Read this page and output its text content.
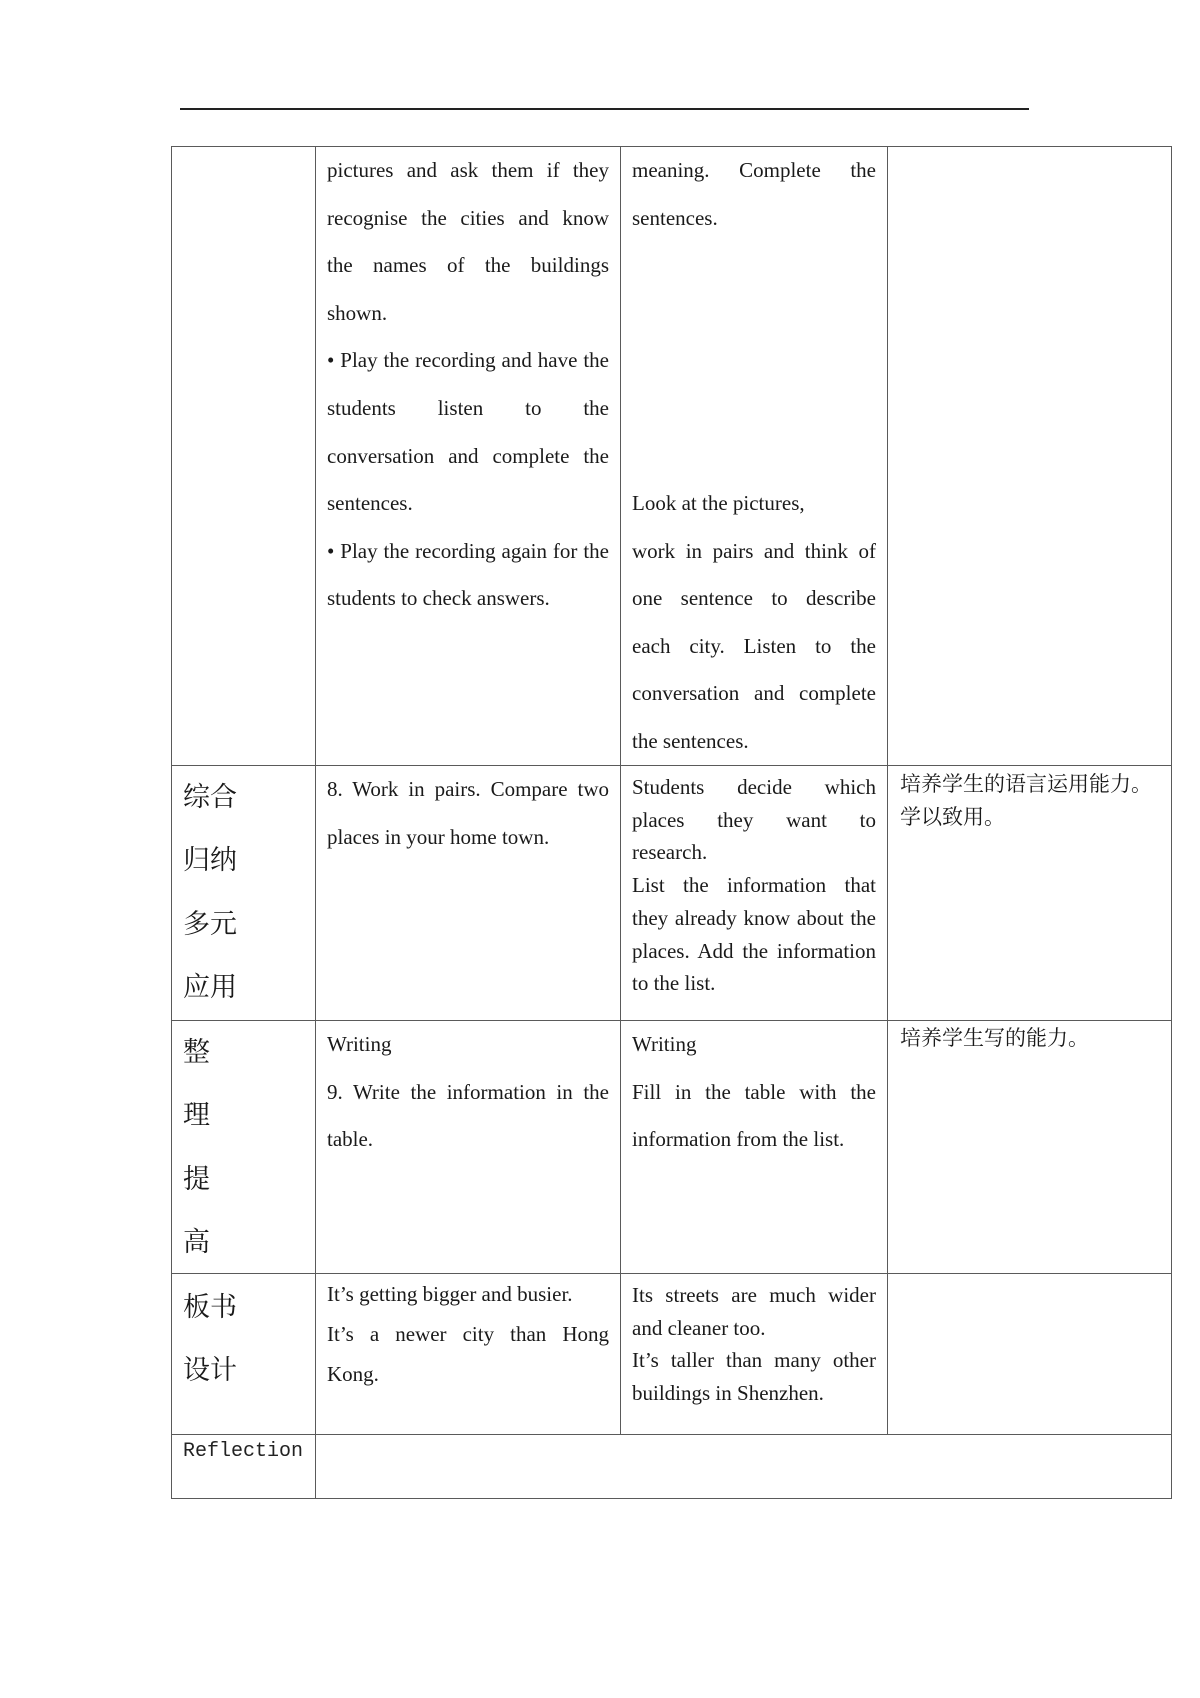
pictures and ask them if they
recognise the cities and know
the names of the buildings
shown.
• Play the recording and have the
students listen to the
conversation and complete the
sentences.
• Play the recording again for the
students to check answers.
meaning. Complete the
sentences.
Look at the pictures,
work in pairs and think of
one sentence to describe
each city. Listen to the
conversation and complete
the sentences.
综合
归纳
多元
应用
8. Work in pairs. Compare two
places in your home town.
Students decide which
places they want to
research.
List the information that
they already know about the
places. Add the information
to the list.
培养学生的语言运用能力。
学以致用。
整
理
提
高
Writing
9. Write the information in the
table.
Writing
Fill in the table with the
information from the list.
培养学生写的能力。
板书
设计
It’s getting bigger and busier.
It’s a newer city than Hong
Kong.
Its streets are much wider
and cleaner too.
It’s taller than many other
buildings in Shenzhen.
Reflection
